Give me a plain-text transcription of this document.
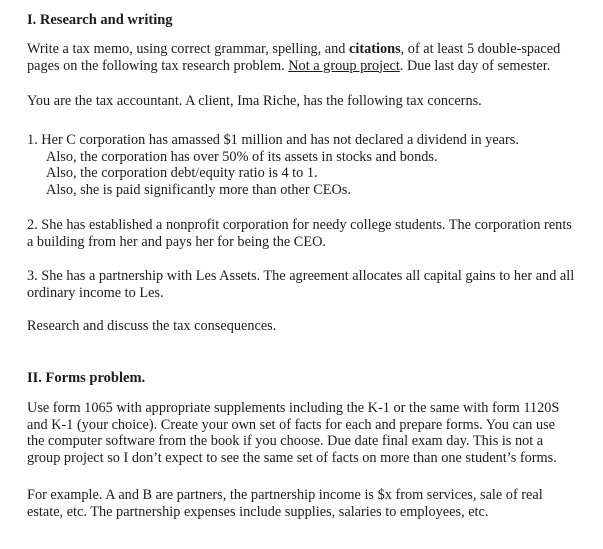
I. Research and writing

Write a tax memo, using correct grammar, spelling, and citations, of at least 5 double-spaced
pages on the following tax research problem. Not a group project. Due last day of semester.

You are the tax accountant. A client, Ima Riche, has the following tax concerns.

1. Her C corporation has amassed $1 million and has not declared a dividend in years.
Also, the corporation has over 50% of its assets in stocks and bonds.
Also, the corporation debt/equity ratio is 4 to 1.
Also, she is paid significantly more than other CEOs.

2. She has established a nonprofit corporation for needy college students. The corporation rents
a building from her and pays her for being the CEO.

3. She has a partnership with Les Assets. The agreement allocates all capital gains to her and all
ordinary income to Les.

Research and discuss the tax consequences.

II. Forms problem.

Use form 1065 with appropriate supplements including the K-1 or the same with form 1120S
and K-1 (your choice). Create your own set of facts for each and prepare forms. You can use
the computer software from the book if you choose. Due date final exam day. This is not a
group project so I don’t expect to see the same set of facts on more than one student’s forms.

For example. A and B are partners, the partnership income is $x from services, sale of real
estate, etc. The partnership expenses include supplies, salaries to employees, etc.
